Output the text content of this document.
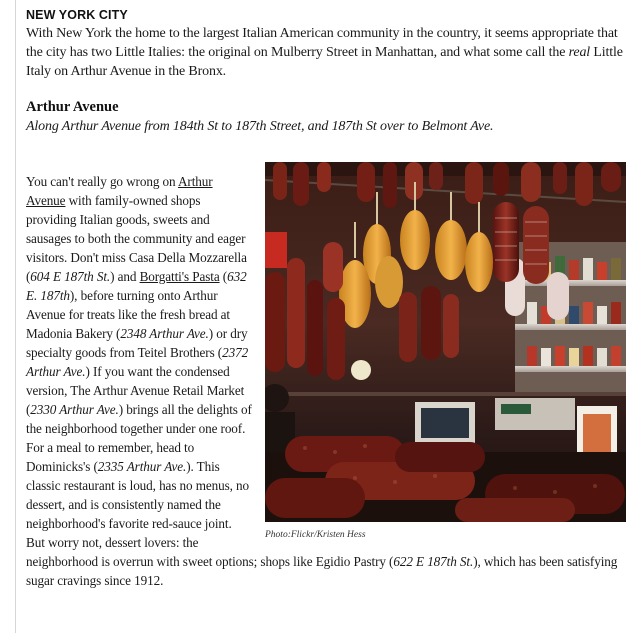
NEW YORK CITY

With New York the home to the largest Italian American community in the country, it seems appropriate that the city has two Little Italies: the original on Mulberry Street in Manhattan, and what some call the real Little Italy on Arthur Avenue in the Bronx.

Arthur Avenue

Along Arthur Avenue from 184th St to 187th Street, and 187th St over to Belmont Ave.

Photo:Flickr/Kristen Hess

You can't really go wrong on Arthur Avenue with family-owned shops providing Italian goods, sweets and sausages to both the community and eager visitors. Don't miss Casa Della Mozzarella (604 E 187th St.) and Borgatti's Pasta (632 E. 187th), before turning onto Arthur Avenue for treats like the fresh bread at Madonia Bakery (2348 Arthur Ave.) or dry specialty goods from Teitel Brothers (2372 Arthur Ave.) If you want the condensed version, The Arthur Avenue Retail Market (2330 Arthur Ave.) brings all the delights of the neighborhood together under one roof. For a meal to remember, head to Dominicks's (2335 Arthur Ave.). This classic restaurant is loud, has no menus, no dessert, and is consistently named the neighborhood's favorite red-sauce joint. But worry not, dessert lovers: the neighborhood is overrun with sweet options; shops like Egidio Pastry (622 E 187th St.), which has been satisfying sugar cravings since 1912.
